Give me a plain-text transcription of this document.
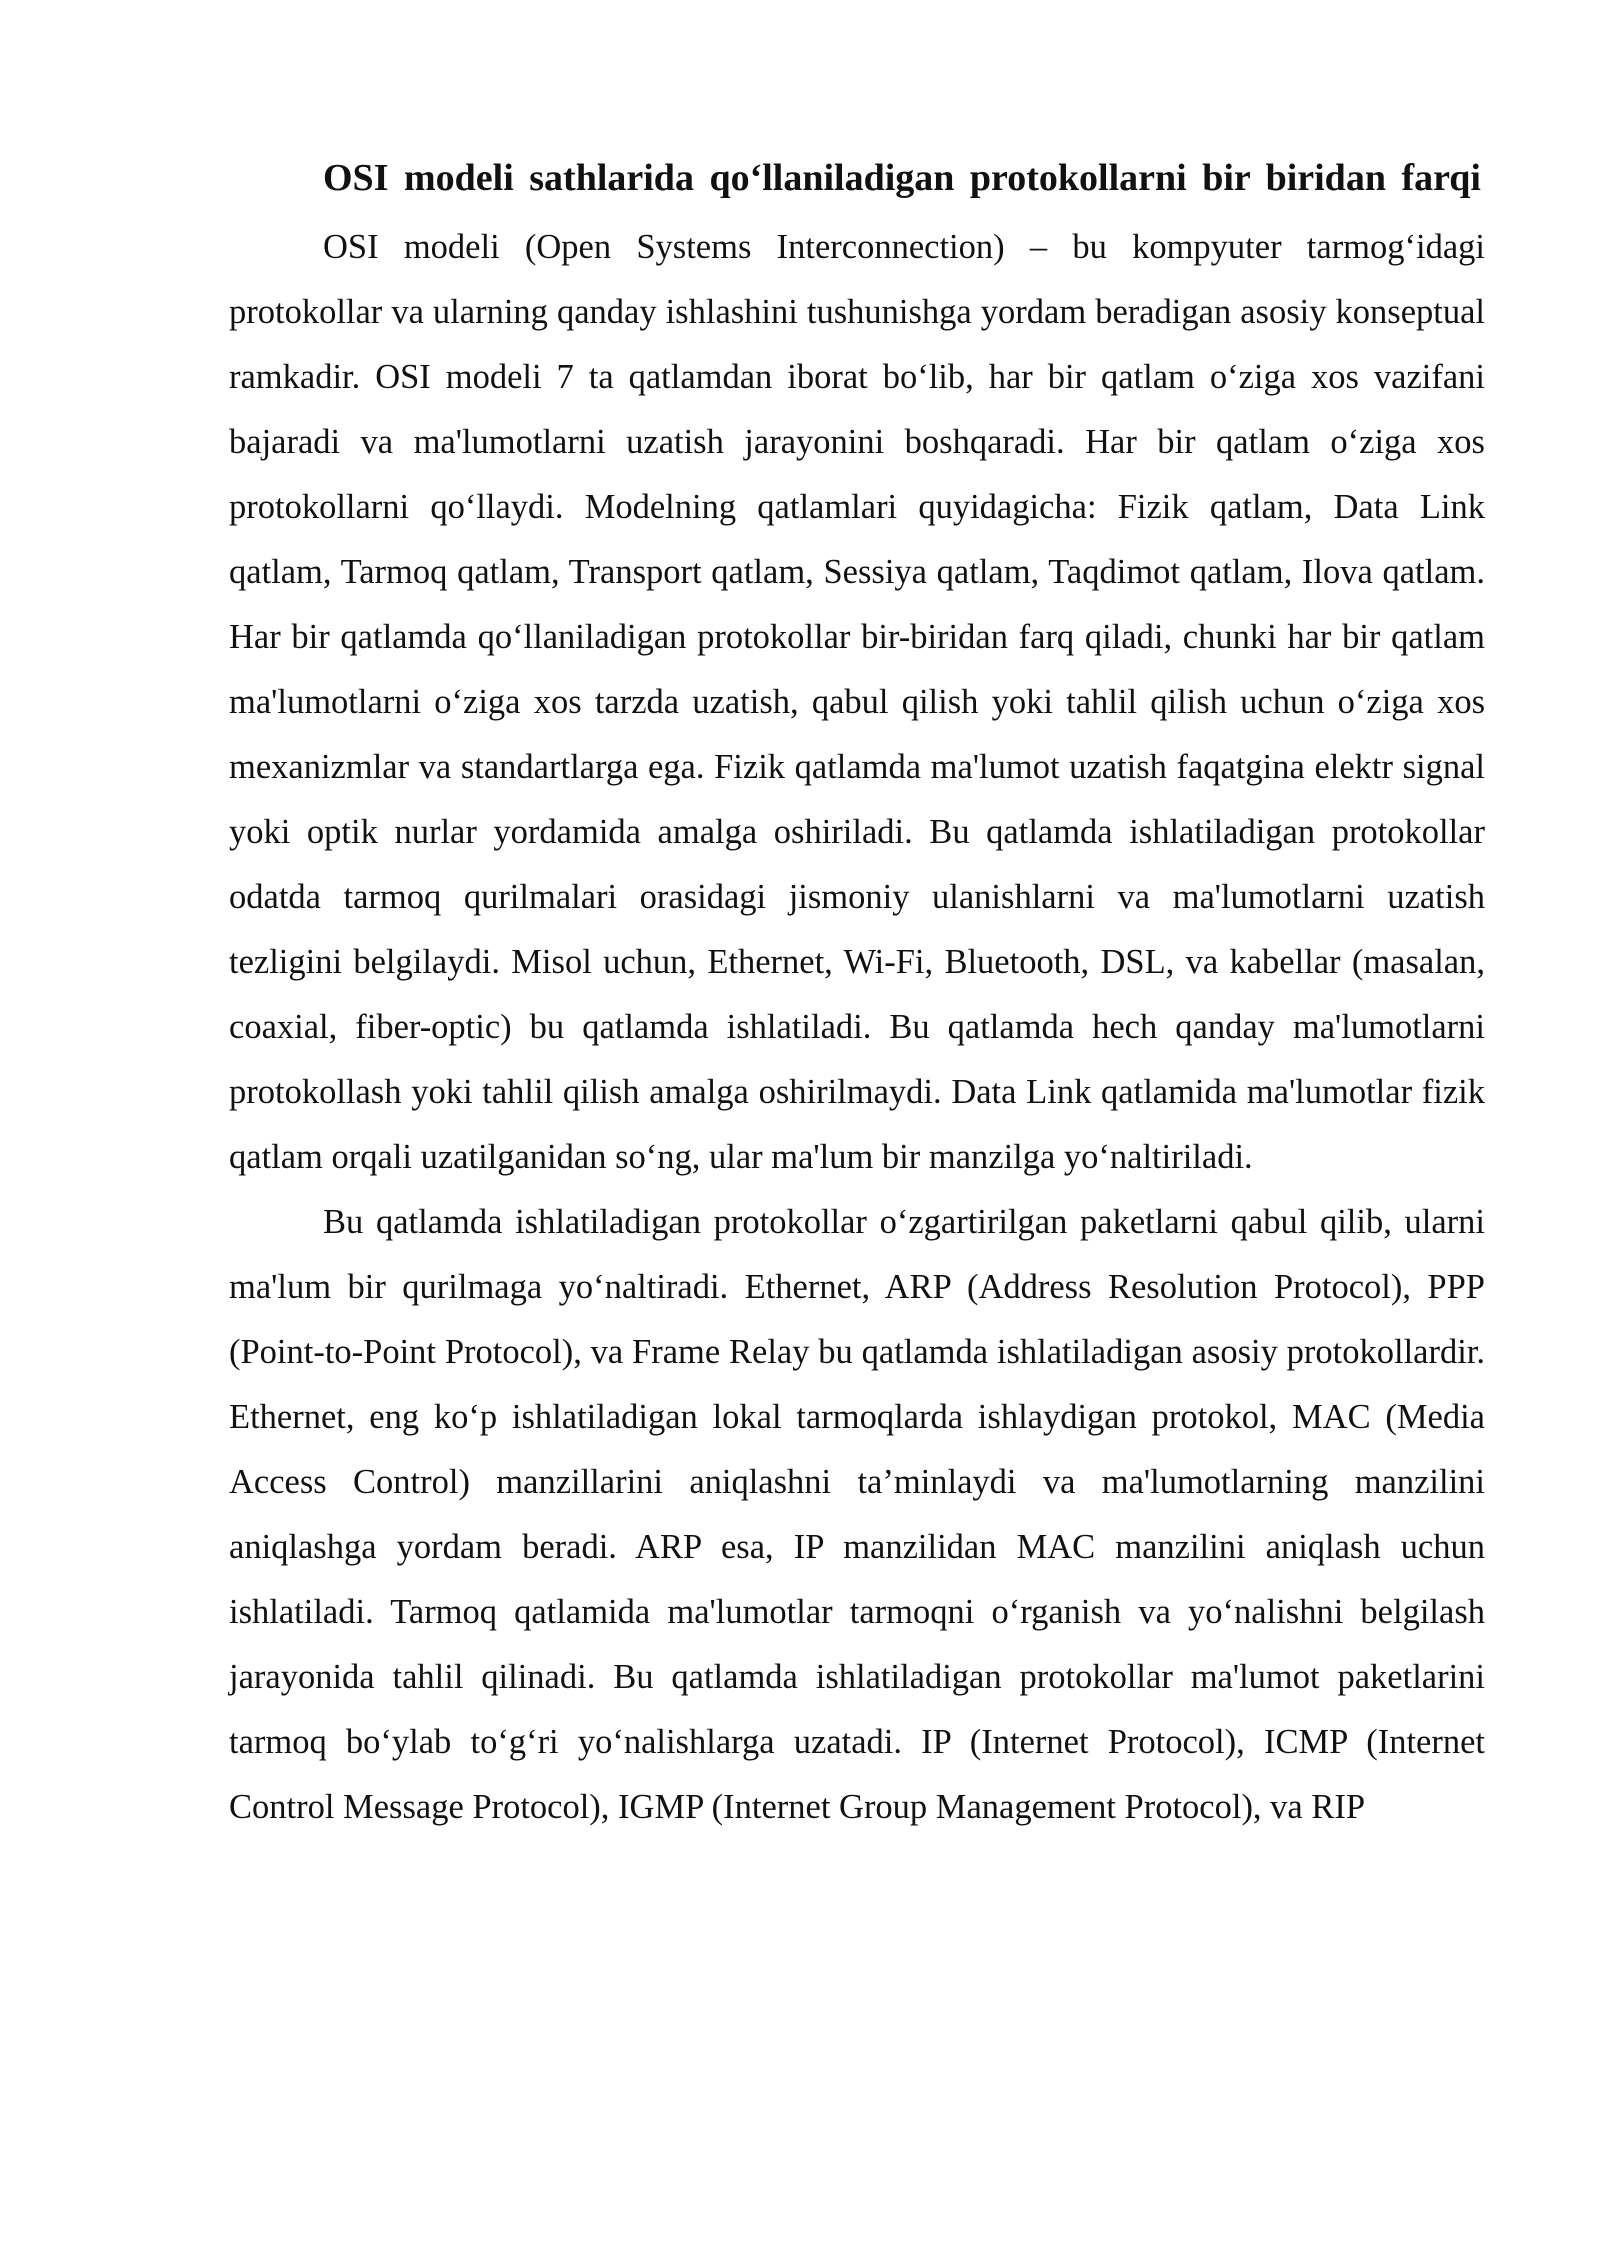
OSI modeli sathlarida qo‘llaniladigan protokollarni bir biridan farqi

OSI modeli (Open Systems Interconnection) – bu kompyuter tarmog‘idagi protokollar va ularning qanday ishlashini tushunishga yordam beradigan asosiy konseptual ramkadir. OSI modeli 7 ta qatlamdan iborat bo‘lib, har bir qatlam o‘ziga xos vazifani bajaradi va ma'lumotlarni uzatish jarayonini boshqaradi. Har bir qatlam o‘ziga xos protokollarni qo‘llaydi. Modelning qatlamlari quyidagicha: Fizik qatlam, Data Link qatlam, Tarmoq qatlam, Transport qatlam, Sessiya qatlam, Taqdimot qatlam, Ilova qatlam. Har bir qatlamda qo‘llaniladigan protokollar bir-biridan farq qiladi, chunki har bir qatlam ma'lumotlarni o‘ziga xos tarzda uzatish, qabul qilish yoki tahlil qilish uchun o‘ziga xos mexanizmlar va standartlarga ega. Fizik qatlamda ma'lumot uzatish faqatgina elektr signal yoki optik nurlar yordamida amalga oshiriladi. Bu qatlamda ishlatiladigan protokollar odatda tarmoq qurilmalari orasidagi jismoniy ulanishlarni va ma'lumotlarni uzatish tezligini belgilaydi. Misol uchun, Ethernet, Wi-Fi, Bluetooth, DSL, va kabellar (masalan, coaxial, fiber-optic) bu qatlamda ishlatiladi. Bu qatlamda hech qanday ma'lumotlarni protokollash yoki tahlil qilish amalga oshirilmaydi. Data Link qatlamida ma'lumotlar fizik qatlam orqali uzatilganidan so‘ng, ular ma'lum bir manzilga yo‘naltiriladi.

Bu qatlamda ishlatiladigan protokollar o‘zgartirilgan paketlarni qabul qilib, ularni ma'lum bir qurilmaga yo‘naltiradi. Ethernet, ARP (Address Resolution Protocol), PPP (Point-to-Point Protocol), va Frame Relay bu qatlamda ishlatiladigan asosiy protokollardir. Ethernet, eng ko‘p ishlatiladigan lokal tarmoqlarda ishlaydigan protokol, MAC (Media Access Control) manzillarini aniqlashni ta’minlaydi va ma'lumotlarning manzilini aniqlashga yordam beradi. ARP esa, IP manzilidan MAC manzilini aniqlash uchun ishlatiladi. Tarmoq qatlamida ma'lumotlar tarmoqni o‘rganish va yo‘nalishni belgilash jarayonida tahlil qilinadi. Bu qatlamda ishlatiladigan protokollar ma'lumot paketlarini tarmoq bo‘ylab to‘g‘ri yo‘nalishlarga uzatadi. IP (Internet Protocol), ICMP (Internet Control Message Protocol), IGMP (Internet Group Management Protocol), va RIP
